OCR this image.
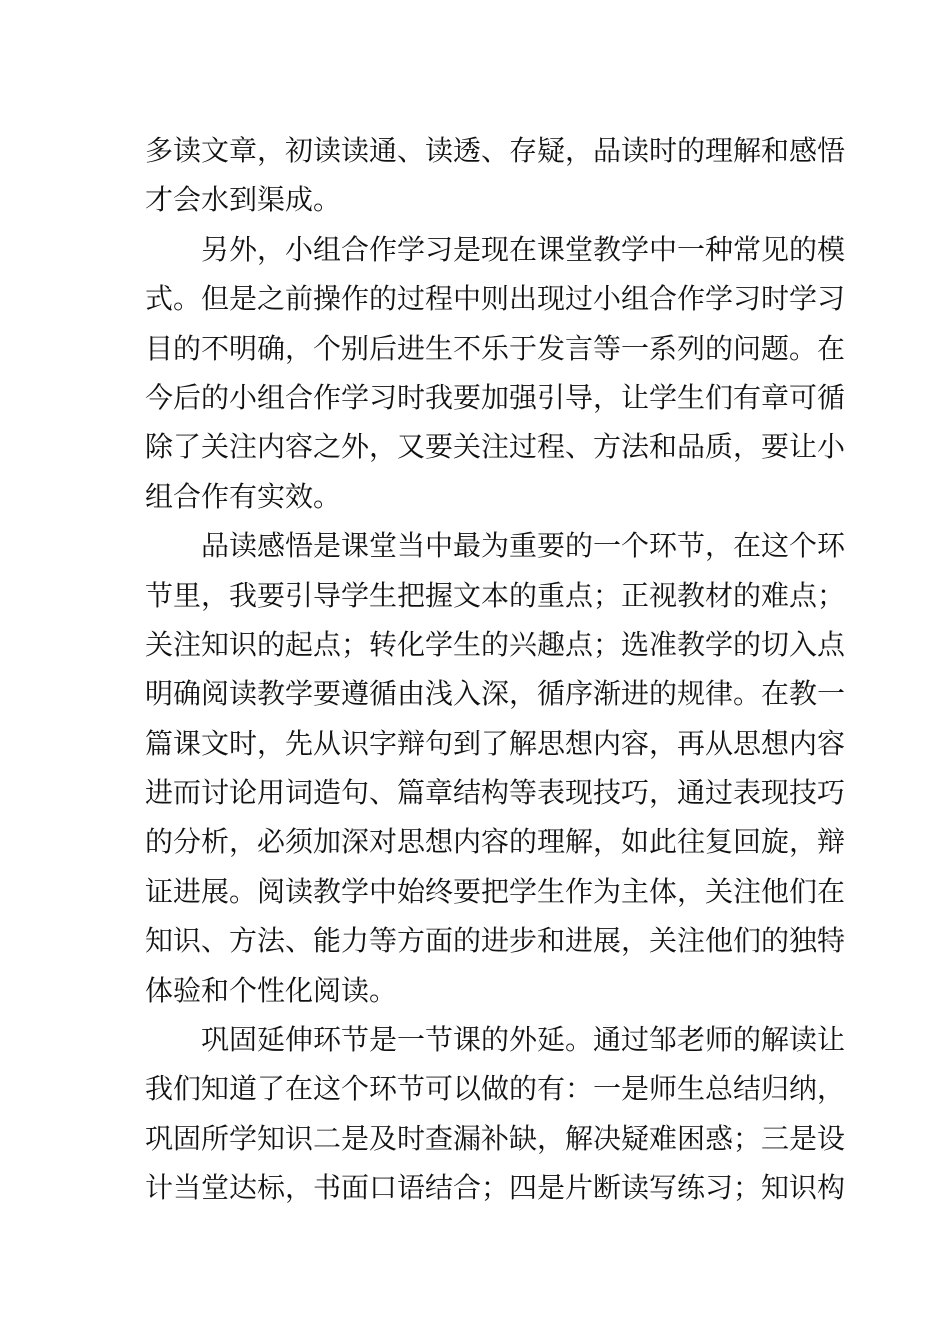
多读文章，初读读通、读透、存疑，品读时的理解和感悟
才会水到渠成。
另外，小组合作学习是现在课堂教学中一种常见的模
式。但是之前操作的过程中则出现过小组合作学习时学习
目的不明确，个别后进生不乐于发言等一系列的问题。在
今后的小组合作学习时我要加强引导，让学生们有章可循
除了关注内容之外，又要关注过程、方法和品质，要让小
组合作有实效。
品读感悟是课堂当中最为重要的一个环节，在这个环
节里，我要引导学生把握文本的重点；正视教材的难点；
关注知识的起点；转化学生的兴趣点；选准教学的切入点
明确阅读教学要遵循由浅入深，循序渐进的规律。在教一
篇课文时，先从识字辩句到了解思想内容，再从思想内容
进而讨论用词造句、篇章结构等表现技巧，通过表现技巧
的分析，必须加深对思想内容的理解，如此往复回旋，辩
证进展。阅读教学中始终要把学生作为主体，关注他们在
知识、方法、能力等方面的进步和进展，关注他们的独特
体验和个性化阅读。
巩固延伸环节是一节课的外延。通过邹老师的解读让
我们知道了在这个环节可以做的有：一是师生总结归纳，
巩固所学知识二是及时查漏补缺，解决疑难困惑；三是设
计当堂达标，书面口语结合；四是片断读写练习；知识构
